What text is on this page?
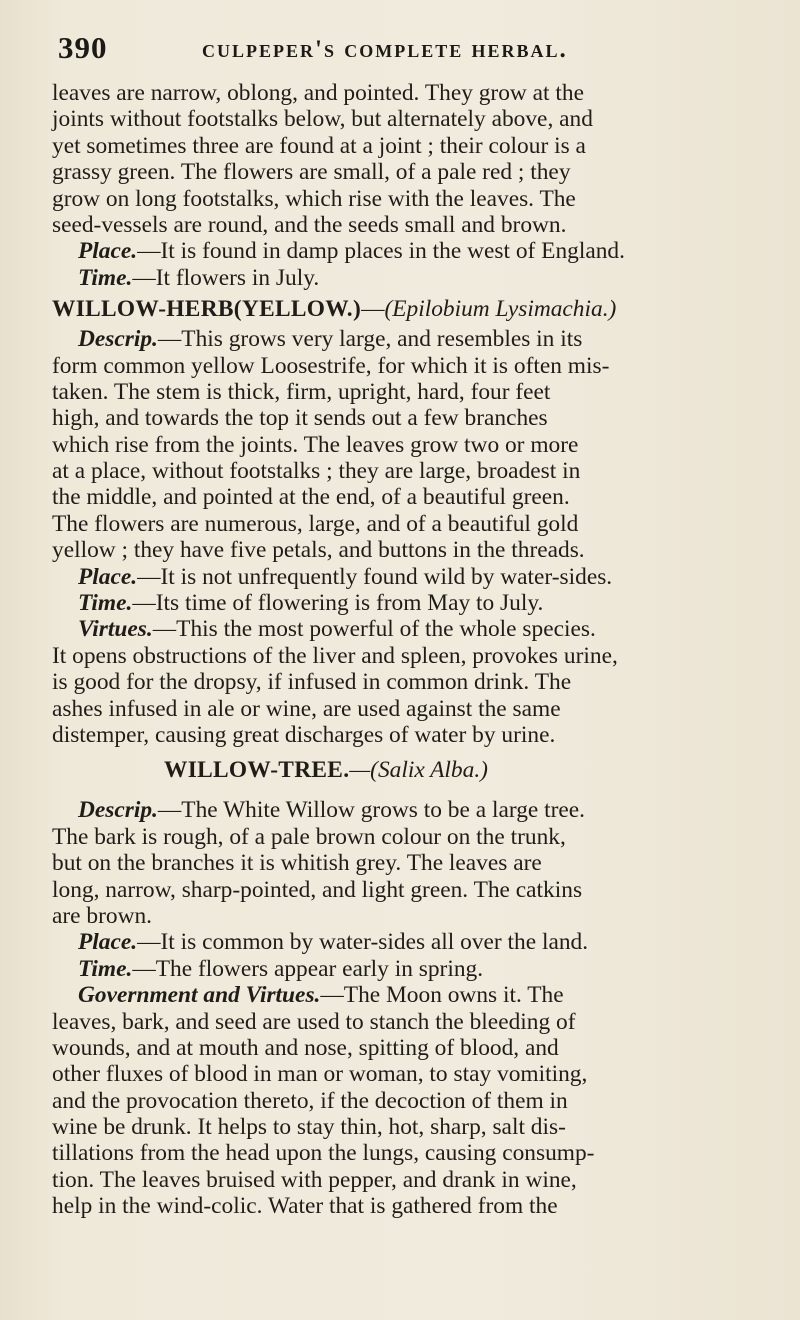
390	culpeper's complete herbal.
leaves are narrow, oblong, and pointed. They grow at the
joints without footstalks below, but alternately above, and
yet sometimes three are found at a joint ; their colour is a
grassy green. The flowers are small, of a pale red ; they
grow on long footstalks, which rise with the leaves. The
seed-vessels are round, and the seeds small and brown.
Place.—It is found in damp places in the west of England.
Time.—It flowers in July.
WILLOW-HERB(YELLOW.)—(Epilobium Lysimachia.)
Descrip.—This grows very large, and resembles in its
form common yellow Loosestrife, for which it is often mis-
taken. The stem is thick, firm, upright, hard, four feet
high, and towards the top it sends out a few branches
which rise from the joints. The leaves grow two or more
at a place, without footstalks ; they are large, broadest in
the middle, and pointed at the end, of a beautiful green.
The flowers are numerous, large, and of a beautiful gold
yellow ; they have five petals, and buttons in the threads.
Place.—It is not unfrequently found wild by water-sides.
Time.—Its time of flowering is from May to July.
Virtues.—This the most powerful of the whole species.
It opens obstructions of the liver and spleen, provokes urine,
is good for the dropsy, if infused in common drink. The
ashes infused in ale or wine, are used against the same
distemper, causing great discharges of water by urine.
WILLOW-TREE.—(Salix Alba.)
Descrip.—The White Willow grows to be a large tree.
The bark is rough, of a pale brown colour on the trunk,
but on the branches it is whitish grey. The leaves are
long, narrow, sharp-pointed, and light green. The catkins
are brown.
Place.—It is common by water-sides all over the land.
Time.—The flowers appear early in spring.
Government and Virtues.—The Moon owns it. The
leaves, bark, and seed are used to stanch the bleeding of
wounds, and at mouth and nose, spitting of blood, and
other fluxes of blood in man or woman, to stay vomiting,
and the provocation thereto, if the decoction of them in
wine be drunk. It helps to stay thin, hot, sharp, salt dis-
tillations from the head upon the lungs, causing consump-
tion. The leaves bruised with pepper, and drank in wine,
help in the wind-colic. Water that is gathered from the
